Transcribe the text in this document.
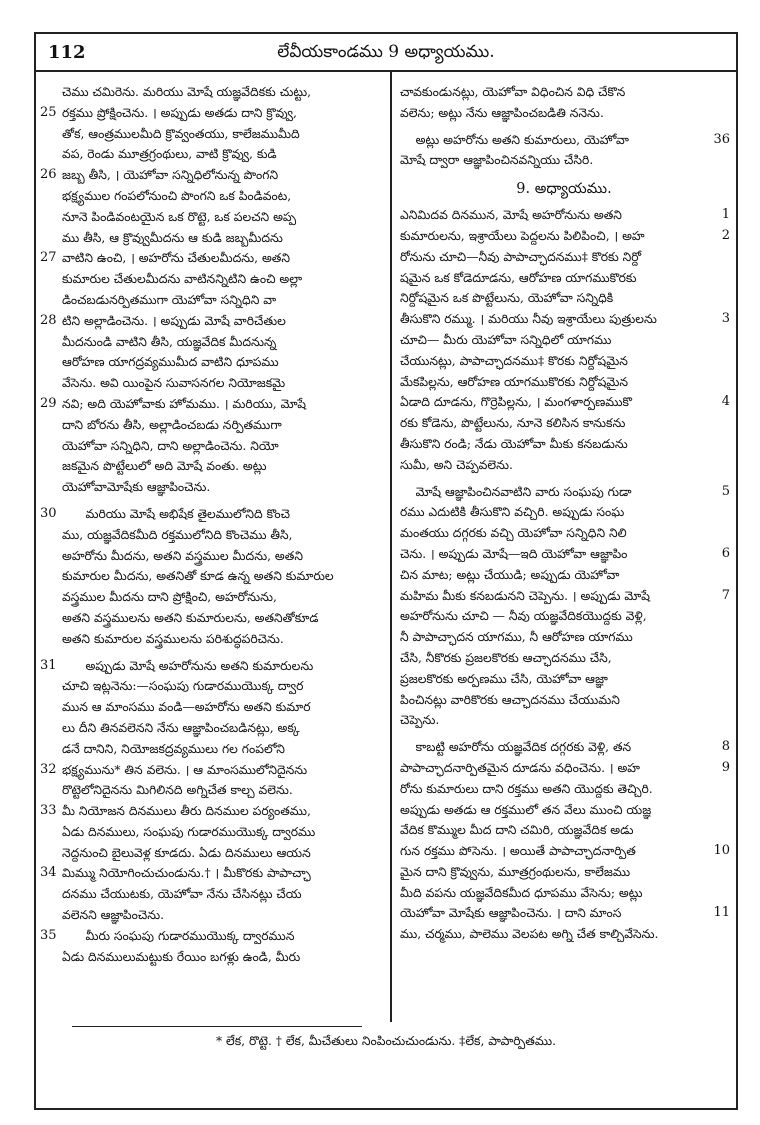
112	లేవీయకాండము 9 అధ్యాయము.
చెము చమిరెను. మరియు మోషే యజ్ఞవేదికకు చుట్టు,
25 రక్తము ప్రోక్షించెను. । అప్పుడు అతడు దాని క్రొవ్వు,
తోక, ఆంత్రములమీది క్రొవ్వంతయు, కాలేజముమీది
వప, రెండు మూత్రగ్రంథులు, వాటి క్రొవ్వు, కుడి
26 జబ్బ తీసి, । యెహోవా సన్నిధిలోనున్న పొంగని
భక్ష్యముల గంపలోనుంచి పొంగని ఒక పిండివంట,
నూనె పిండివంటయైన ఒక రొట్టె, ఒక పలచని అప్ప
ము తీసి, ఆ క్రొవ్వుమీదను ఆ కుడి జబ్బమీదను
27 వాటిని ఉంచి, । అహరోను చేతులమీదను, అతని
కుమారుల చేతులమీదను వాటినన్నిటిని ఉంచి అల్లా
డించబడునర్పితముగా యెహోవా సన్నిధిని వా
28 టిని అల్లాడించెను. । అప్పుడు మోషే వారిచేతుల
మీదనుండి వాటిని తీసి, యజ్ఞవేదిక మీదనున్న
ఆరోహణ యాగద్రవ్యముమీద వాటిని ధూపము
వేసెను. అవి యింపైన సువాసనగల నియోజకమై
29 నవి; అది యెహోవాకు హోమము. । మరియు, మోషే
దాని బోరను తీసి, అల్లాడించబడు నర్పితముగా
యెహోవా సన్నిధిని, దాని అల్లాడించెను. నియో
జకమైన పొట్టేలులో అది మోషే వంతు. అట్లు
యెహోవామోషేకు ఆజ్ఞాపించెను.
30 మరియు మోషే అభిషేక తైలములోనిది కొంచె
ము, యజ్ఞవేదికమీది రక్తములోనిది కొంచెము తీసి,
అహరోను మీదను, అతని వస్త్రముల మీదను, అతని
కుమారుల మీదను, అతనితో కూడ ఉన్న అతని కుమారుల
వస్త్రముల మీదను దాని ప్రోక్షించి, అహరోనును,
అతని వస్త్రములను అతని కుమారులను, అతనితోకూడ
అతని కుమారుల వస్త్రములను పరిశుద్ధపరిచెను.
31 అప్పుడు మోషే అహరోనును అతని కుమారులను
చూచి ఇట్లనెను:—సంఘపు గుడారముయొక్క ద్వార
మున ఆ మాంసము వండి—అహరోను అతని కుమార
లు దీని తినవలెనని నేను ఆజ్ఞాపించబడినట్లు, అక్క
డనే దానిని, నియోజకద్రవ్యములు గల గంపలోని
32 భక్ష్యమును* తిన వలెను. । ఆ మాంసములోనిదైనను
రొట్టెలోనిదైనను మిగిలినది అగ్నిచేత కాల్చ వలెను.
33 మీ నియోజన దినములు తీరు దినముల పర్యంతము,
ఏడు దినములు, సంఘపు గుడారముయొక్క ద్వారము
నెద్దనుంచి బైలువెళ్ల కూడదు. ఏడు దినములు ఆయన
34 మిమ్ము నియోగించుచుండును.† । మీకొరకు పాపాచ్ఛా
దనము చేయుటకు, యెహోవా నేను చేసినట్లు చేయ
వలెనని ఆజ్ఞాపించెను.
35 మీరు సంఘపు గుడారముయొక్క ద్వారమున
ఏడు దినములుమట్టుకు రేయిం బగళ్లు ఉండి, మీరు
చావకుండునట్లు, యెహోవా విధించిన విధి చేకొన
వలెను; అట్లు నేను ఆజ్ఞాపించబడితి ననెను.
36
అట్లు అహరోను అతని కుమారులు, యెహోవా
మోషే ద్వారా ఆజ్ఞాపించినవన్నియు చేసిరి.
9. అధ్యాయము.
1
ఎనిమిదవ దినమున, మోషే అహరోనును అతని
2
కుమారులను, ఇశ్రాయేలు పెద్దలను పిలిపించి, । అహ
రోనును చూచి—నీవు పాపాచ్ఛాదనము‡ కొరకు నిర్దో
షమైన ఒక కోడెదూడను, ఆరోహణ యాగముకొరకు
నిర్దోషమైన ఒక పొట్టేలును, యెహోవా సన్నిధికి
3
తీసుకొని రమ్ము. । మరియు నీవు ఇశ్రాయేలు పుత్రులను
చూచి— మీరు యెహోవా సన్నిధిలో యాగము
చేయునట్లు, పాపాచ్ఛాదనము‡ కొరకు నిర్దోషమైన
మేకపిల్లను, ఆరోహణ యాగముకొరకు నిర్దోషమైన
4
ఏడాది దూడను, గొర్రెపిల్లను, । మంగళార్పణముకొ
రకు కోడెను, పొట్టేలును, నూనె కలిసిన కానుకను
తీసుకొని రండి; నేడు యెహోవా మీకు కనబడును
సుమీ, అని చెప్పవలెను.
5
మోషే ఆజ్ఞాపించినవాటిని వారు సంఘపు గుడా
రము ఎదుటికి తీసుకొని వచ్చిరి. అప్పుడు సంఘ
మంతయు దగ్గరకు వచ్చి యెహోవా సన్నిధిని నిలి
6
చెను. । అప్పుడు మోషే—ఇది యెహోవా ఆజ్ఞాపిం
చిన మాట; అట్లు చేయుడి; అప్పుడు యెహోవా
7
మహిమ మీకు కనబడునని చెప్పెను. । అప్పుడు మోషే
అహరోనును చూచి — నీవు యజ్ఞవేదికయొద్దకు వెళ్లి,
నీ పాపాచ్ఛాదన యాగము, నీ ఆరోహణ యాగము
చేసి, నీకొరకు ప్రజలకొరకు ఆచ్ఛాదనము చేసి,
ప్రజలకొరకు అర్పణము చేసి, యెహోవా ఆజ్ఞా
పించినట్లు వారికొరకు ఆచ్ఛాదనము చేయుమని
చెప్పెను.
8
కాబట్టి అహరోను యజ్ఞవేదిక దగ్గరకు వెళ్లి, తన
9
పాపాచ్ఛాదనార్పితమైన దూడను వధించెను. । అహ
రోను కుమారులు దాని రక్తము అతని యొద్దకు తెచ్చిరి.
అప్పుడు అతడు ఆ రక్తములో తన వేలు ముంచి యజ్ఞ
వేదిక కొమ్ముల మీద దాని చమిరి, యజ్ఞవేదిక అడు
10
గున రక్తము పోసెను. । అయితే పాపాచ్ఛాదనార్పిత
మైన దాని క్రొవ్వును, మూత్రగ్రంథులను, కాలేజము
మీది వపను యజ్ఞవేదికమీద ధూపము వేసెను; అట్లు
11
యెహోవా మోషేకు ఆజ్ఞాపించెను. । దాని మాంస
ము, చర్మము, పాలెము వెలపట అగ్ని చేత కాల్చివేసెను.
* లేక, రొట్టె. † లేక, మీచేతులు నింపించుచుండును. ‡లేక, పాపార్పితము.
